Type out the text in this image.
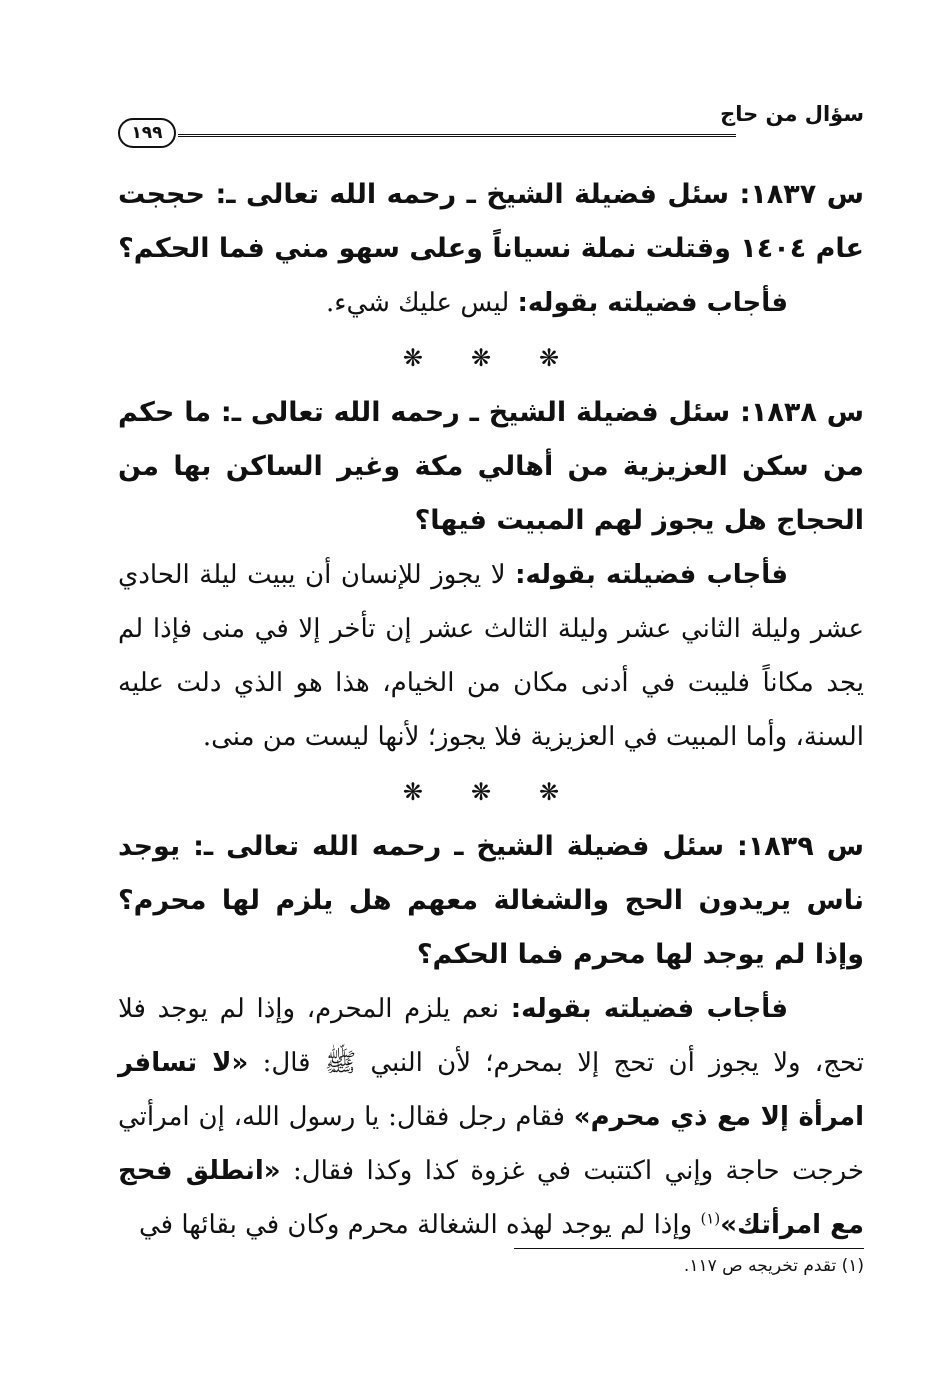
سؤال من حاج
١٩٩

س ١٨٣٧: سئل فضيلة الشيخ ـ رحمه الله تعالى ـ: حججت عام ١٤٠٤ وقتلت نملة نسياناً وعلى سهو مني فما الحكم؟

فأجاب فضيلته بقوله: ليس عليك شيء.

❋ ❋ ❋

س ١٨٣٨: سئل فضيلة الشيخ ـ رحمه الله تعالى ـ: ما حكم من سكن العزيزية من أهالي مكة وغير الساكن بها من الحجاج هل يجوز لهم المبيت فيها؟

فأجاب فضيلته بقوله: لا يجوز للإنسان أن يبيت ليلة الحادي عشر وليلة الثاني عشر وليلة الثالث عشر إن تأخر إلا في منى فإذا لم يجد مكاناً فليبت في أدنى مكان من الخيام، هذا هو الذي دلت عليه السنة، وأما المبيت في العزيزية فلا يجوز؛ لأنها ليست من منى.

❋ ❋ ❋

س ١٨٣٩: سئل فضيلة الشيخ ـ رحمه الله تعالى ـ: يوجد ناس يريدون الحج والشغالة معهم هل يلزم لها محرم؟ وإذا لم يوجد لها محرم فما الحكم؟

فأجاب فضيلته بقوله: نعم يلزم المحرم، وإذا لم يوجد فلا تحج، ولا يجوز أن تحج إلا بمحرم؛ لأن النبي ﷺ قال: «لا تسافر امرأة إلا مع ذي محرم» فقام رجل فقال: يا رسول الله، إن امرأتي خرجت حاجة وإني اكتتبت في غزوة كذا وكذا فقال: «انطلق فحج مع امرأتك»$^{(١)}$ وإذا لم يوجد لهذه الشغالة محرم وكان في بقائها في

(١) تقدم تخريجه ص ١١٧.
